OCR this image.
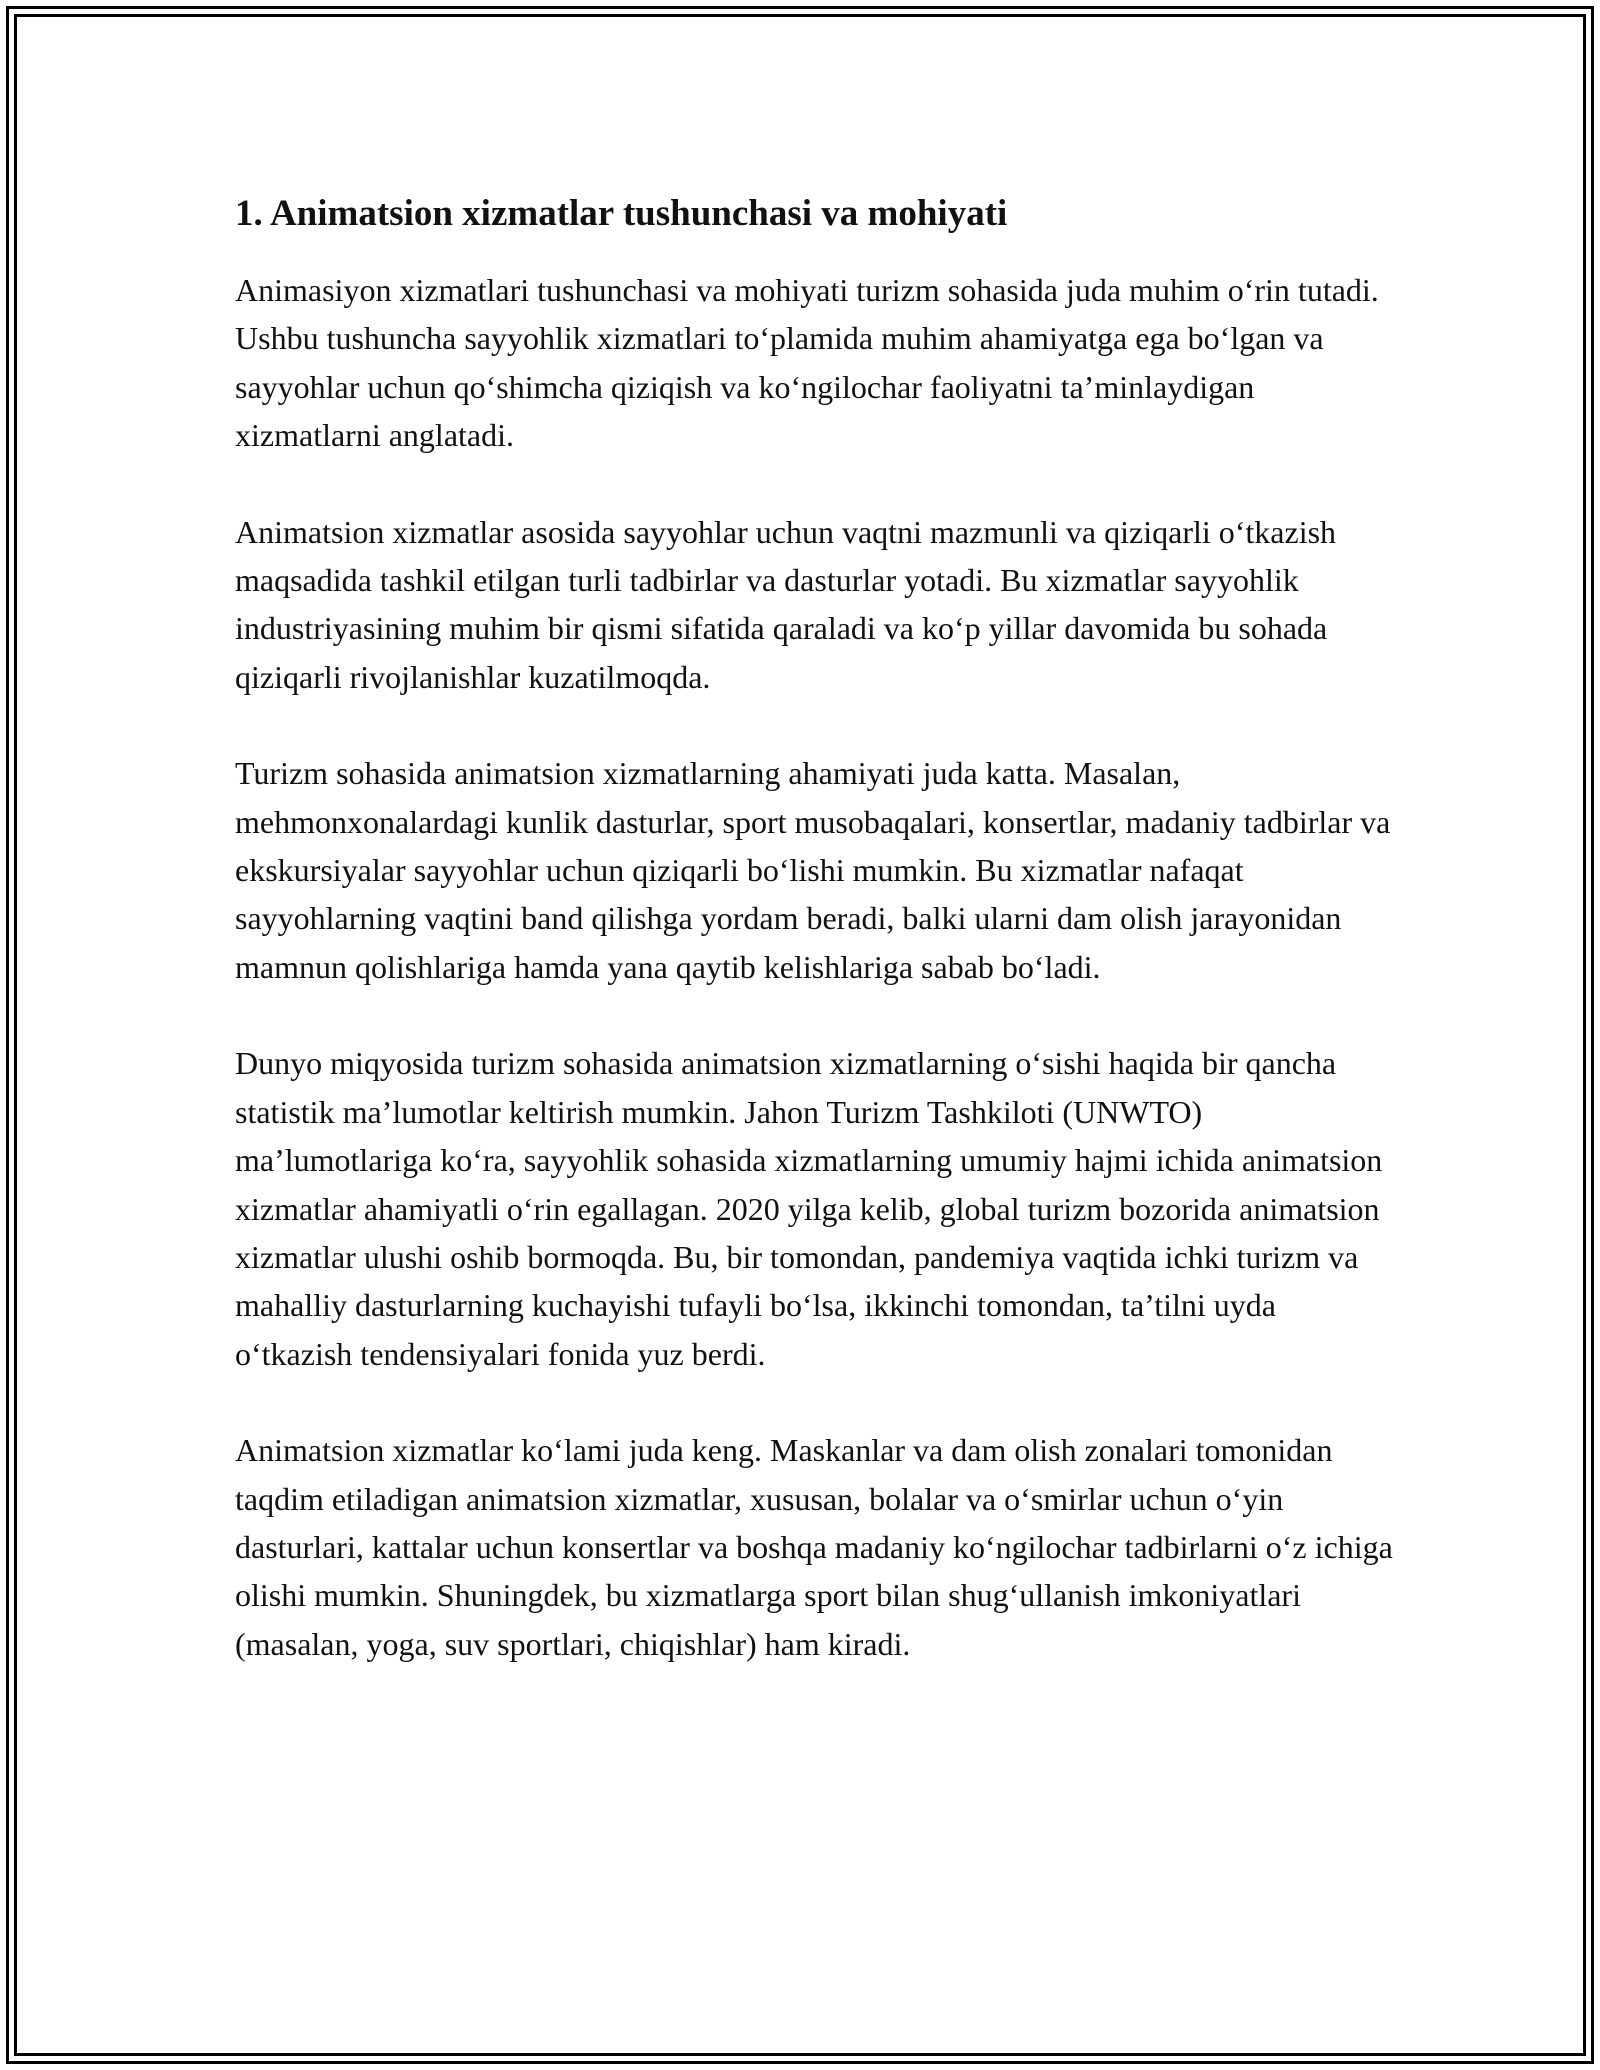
1. Animatsion xizmatlar tushunchasi va mohiyati

Animasiyon xizmatlari tushunchasi va mohiyati turizm sohasida juda muhim o‘rin tutadi. Ushbu tushuncha sayyohlik xizmatlari to‘plamida muhim ahamiyatga ega bo‘lgan va sayyohlar uchun qo‘shimcha qiziqish va ko‘ngilochar faoliyatni ta’minlaydigan xizmatlarni anglatadi.

Animatsion xizmatlar asosida sayyohlar uchun vaqtni mazmunli va qiziqarli o‘tkazish maqsadida tashkil etilgan turli tadbirlar va dasturlar yotadi. Bu xizmatlar sayyohlik industriyasining muhim bir qismi sifatida qaraladi va ko‘p yillar davomida bu sohada qiziqarli rivojlanishlar kuzatilmoqda.

Turizm sohasida animatsion xizmatlarning ahamiyati juda katta. Masalan, mehmonxonalardagi kunlik dasturlar, sport musobaqalari, konsertlar, madaniy tadbirlar va ekskursiyalar sayyohlar uchun qiziqarli bo‘lishi mumkin. Bu xizmatlar nafaqat sayyohlarning vaqtini band qilishga yordam beradi, balki ularni dam olish jarayonidan mamnun qolishlariga hamda yana qaytib kelishlariga sabab bo‘ladi.

Dunyo miqyosida turizm sohasida animatsion xizmatlarning o‘sishi haqida bir qancha statistik ma’lumotlar keltirish mumkin. Jahon Turizm Tashkiloti (UNWTO) ma’lumotlariga ko‘ra, sayyohlik sohasida xizmatlarning umumiy hajmi ichida animatsion xizmatlar ahamiyatli o‘rin egallagan. 2020 yilga kelib, global turizm bozorida animatsion xizmatlar ulushi oshib bormoqda. Bu, bir tomondan, pandemiya vaqtida ichki turizm va mahalliy dasturlarning kuchayishi tufayli bo‘lsa, ikkinchi tomondan, ta’tilni uyda o‘tkazish tendensiyalari fonida yuz berdi.

Animatsion xizmatlar ko‘lami juda keng. Maskanlar va dam olish zonalari tomonidan taqdim etiladigan animatsion xizmatlar, xususan, bolalar va o‘smirlar uchun o‘yin dasturlari, kattalar uchun konsertlar va boshqa madaniy ko‘ngilochar tadbirlarni o‘z ichiga olishi mumkin. Shuningdek, bu xizmatlarga sport bilan shug‘ullanish imkoniyatlari (masalan, yoga, suv sportlari, chiqishlar) ham kiradi.
